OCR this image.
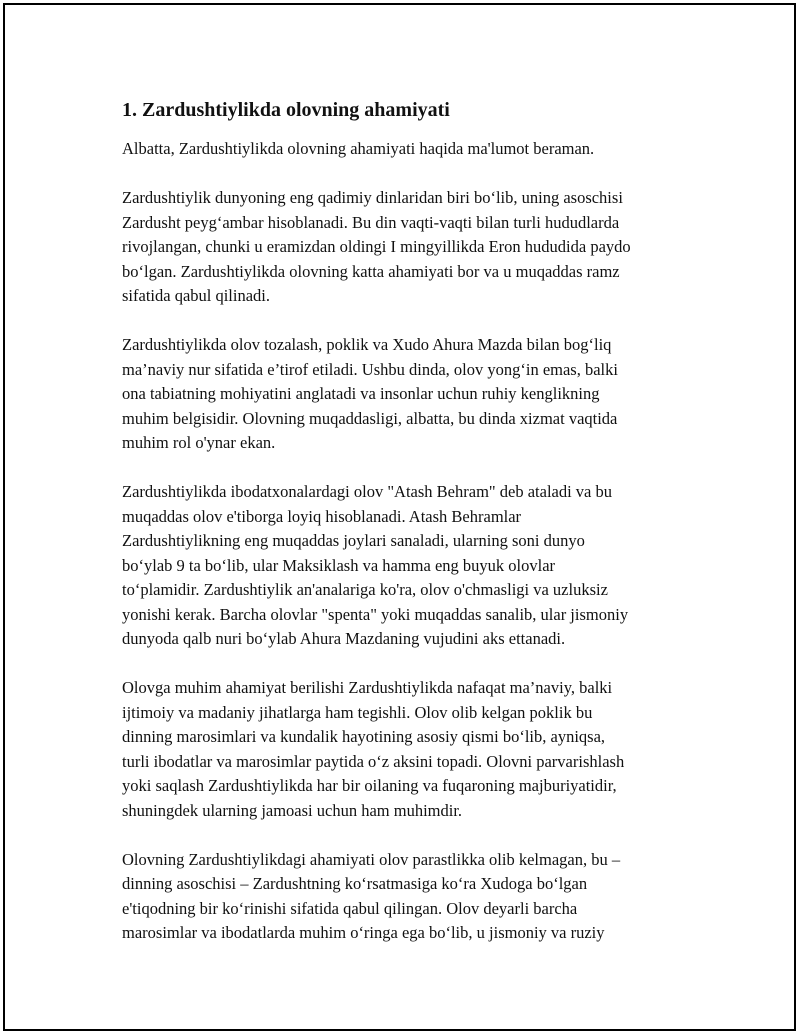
1. Zardushtiylikda olovning ahamiyati

Albatta, Zardushtiylikda olovning ahamiyati haqida ma'lumot beraman.

Zardushtiylik dunyoning eng qadimiy dinlaridan biri bo‘lib, uning asoschisi
Zardusht peyg‘ambar hisoblanadi. Bu din vaqti-vaqti bilan turli hududlarda
rivojlangan, chunki u eramizdan oldingi I mingyillikda Eron hududida paydo
bo‘lgan. Zardushtiylikda olovning katta ahamiyati bor va u muqaddas ramz
sifatida qabul qilinadi.

Zardushtiylikda olov tozalash, poklik va Xudo Ahura Mazda bilan bog‘liq
ma’naviy nur sifatida e’tirof etiladi. Ushbu dinda, olov yong‘in emas, balki
ona tabiatning mohiyatini anglatadi va insonlar uchun ruhiy kenglikning
muhim belgisidir. Olovning muqaddasligi, albatta, bu dinda xizmat vaqtida
muhim rol o'ynar ekan.

Zardushtiylikda ibodatxonalardagi olov "Atash Behram" deb ataladi va bu
muqaddas olov e'tiborga loyiq hisoblanadi. Atash Behramlar
Zardushtiylikning eng muqaddas joylari sanaladi, ularning soni dunyo
bo‘ylab 9 ta bo‘lib, ular Maksiklash va hamma eng buyuk olovlar
to‘plamidir. Zardushtiylik an'analariga ko'ra, olov o'chmasligi va uzluksiz
yonishi kerak. Barcha olovlar "spenta" yoki muqaddas sanalib, ular jismoniy
dunyoda qalb nuri bo‘ylab Ahura Mazdaning vujudini aks ettanadi.

Olovga muhim ahamiyat berilishi Zardushtiylikda nafaqat ma’naviy, balki
ijtimoiy va madaniy jihatlarga ham tegishli. Olov olib kelgan poklik bu
dinning marosimlari va kundalik hayotining asosiy qismi bo‘lib, ayniqsa,
turli ibodatlar va marosimlar paytida o‘z aksini topadi. Olovni parvarishlash
yoki saqlash Zardushtiylikda har bir oilaning va fuqaroning majburiyatidir,
shuningdek ularning jamoasi uchun ham muhimdir.

Olovning Zardushtiylikdagi ahamiyati olov parastlikka olib kelmagan, bu –
dinning asoschisi – Zardushtning ko‘rsatmasiga ko‘ra Xudoga bo‘lgan
e'tiqodning bir ko‘rinishi sifatida qabul qilingan. Olov deyarli barcha
marosimlar va ibodatlarda muhim o‘ringa ega bo‘lib, u jismoniy va ruziy
